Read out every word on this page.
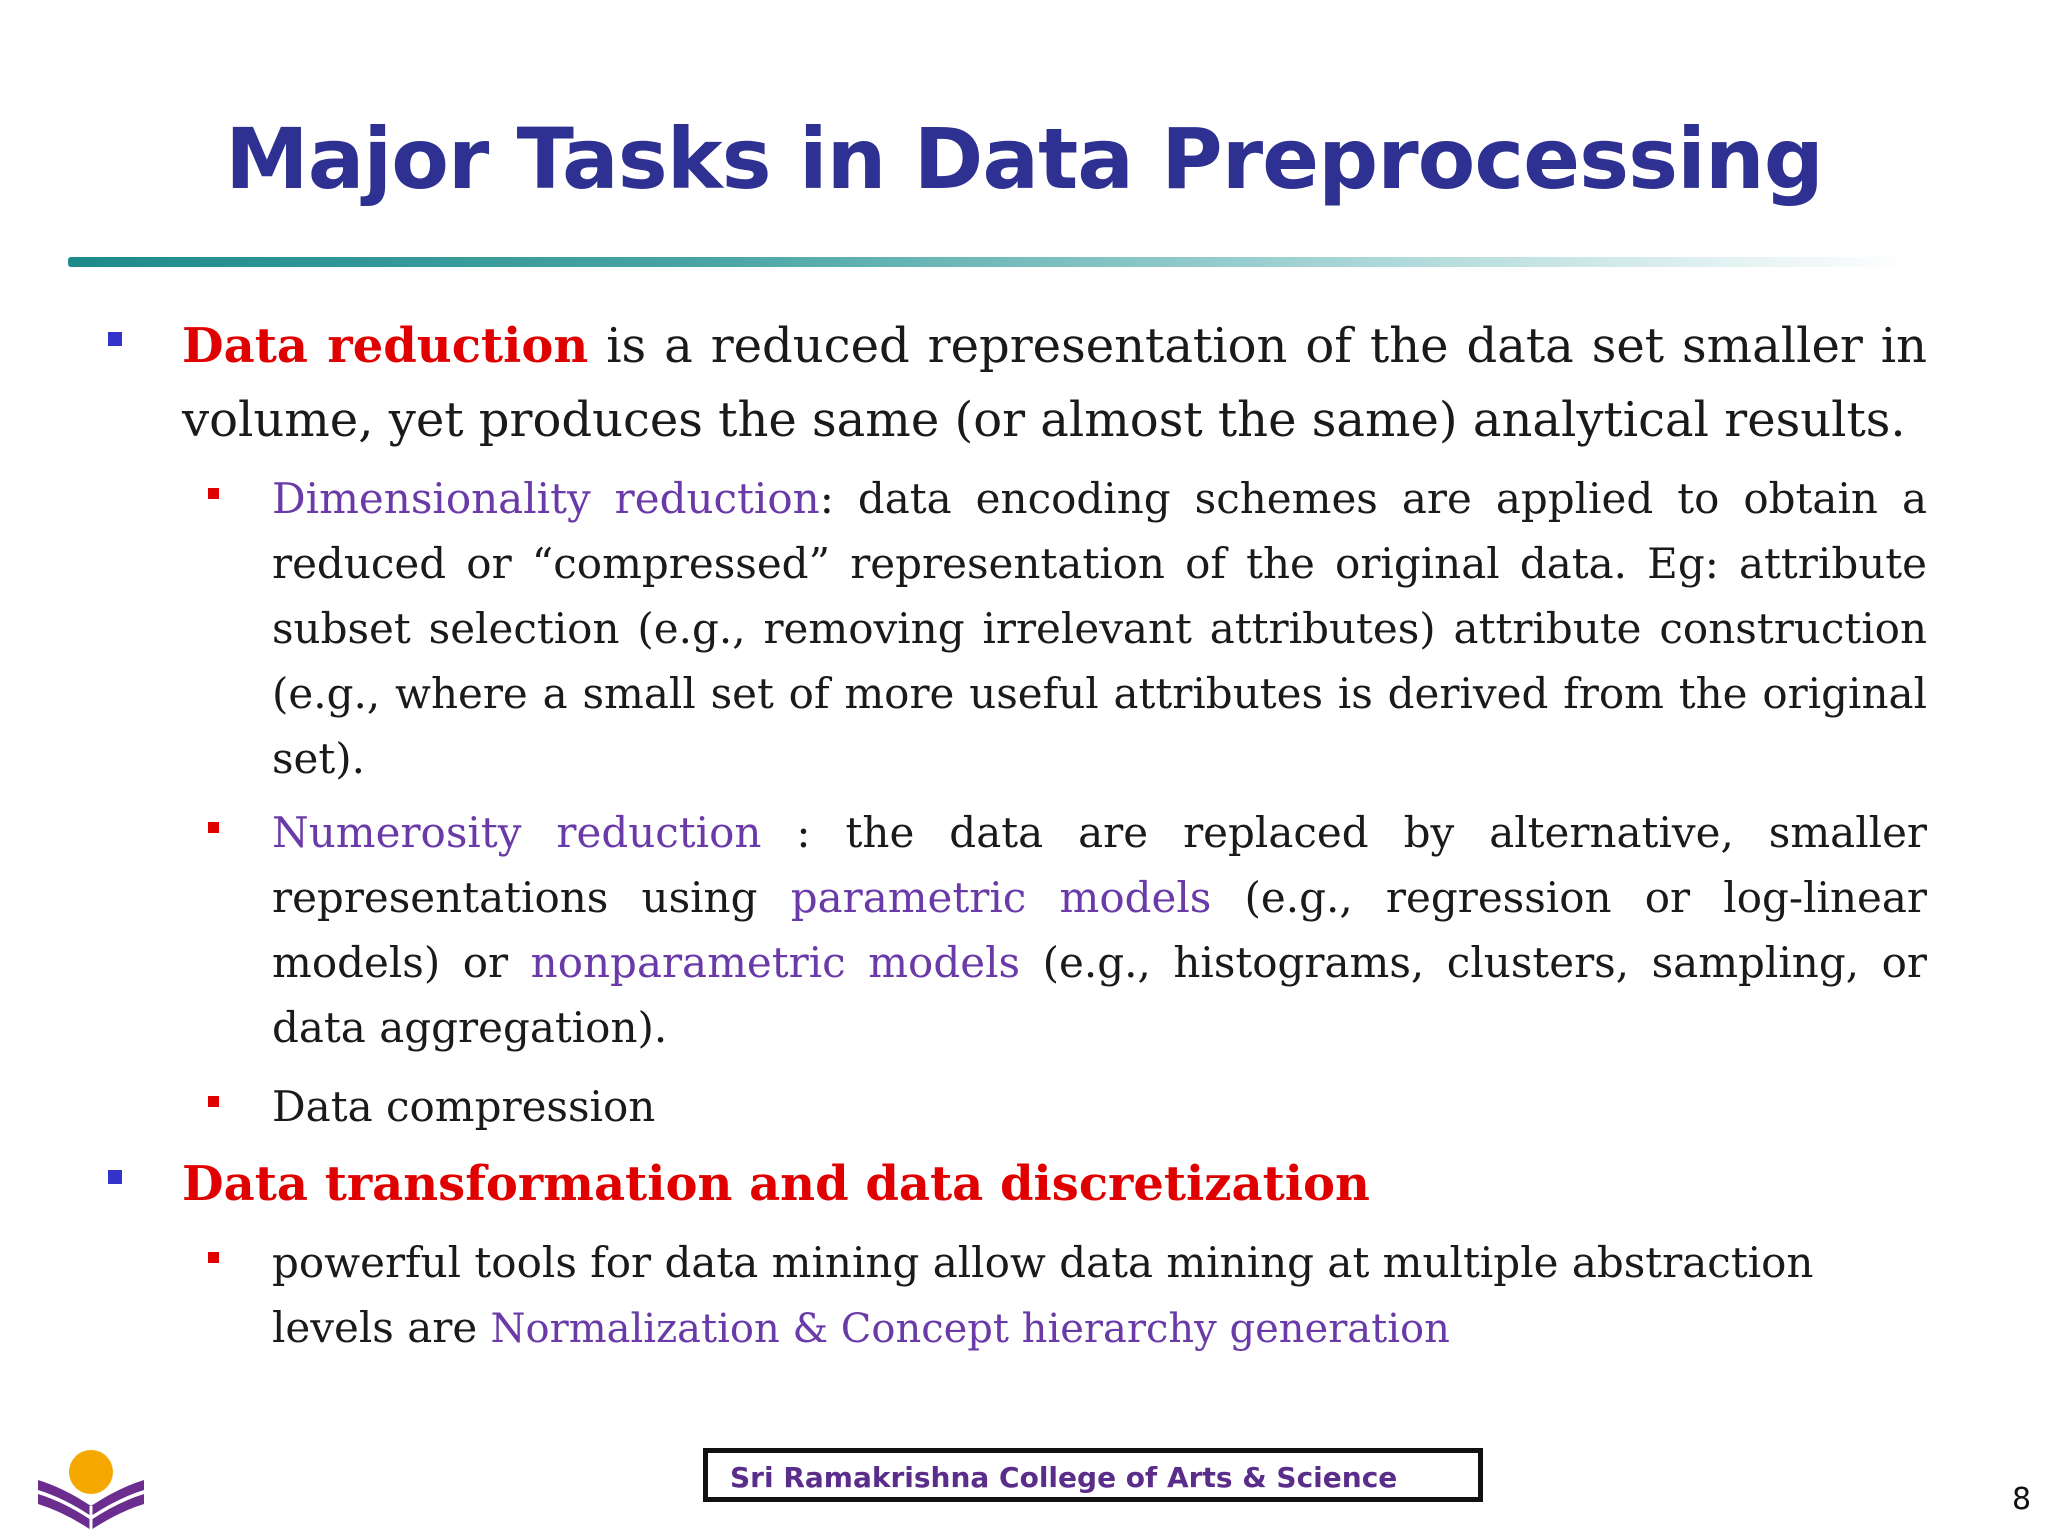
Major Tasks in Data Preprocessing

Data reduction is a reduced representation of the data set smaller in volume, yet produces the same (or almost the same) analytical results.

Dimensionality reduction: data encoding schemes are applied to obtain a reduced or “compressed” representation of the original data. Eg: attribute subset selection (e.g., removing irrelevant attributes) attribute construction (e.g., where a small set of more useful attributes is derived from the original set).

Numerosity reduction : the data are replaced by alternative, smaller representations using parametric models (e.g., regression or log-linear models) or nonparametric models (e.g., histograms, clusters, sampling, or data aggregation).

Data compression

Data transformation and data discretization

powerful tools for data mining allow data mining at multiple abstraction levels are Normalization & Concept hierarchy generation

Sri Ramakrishna College of Arts & Science
8
